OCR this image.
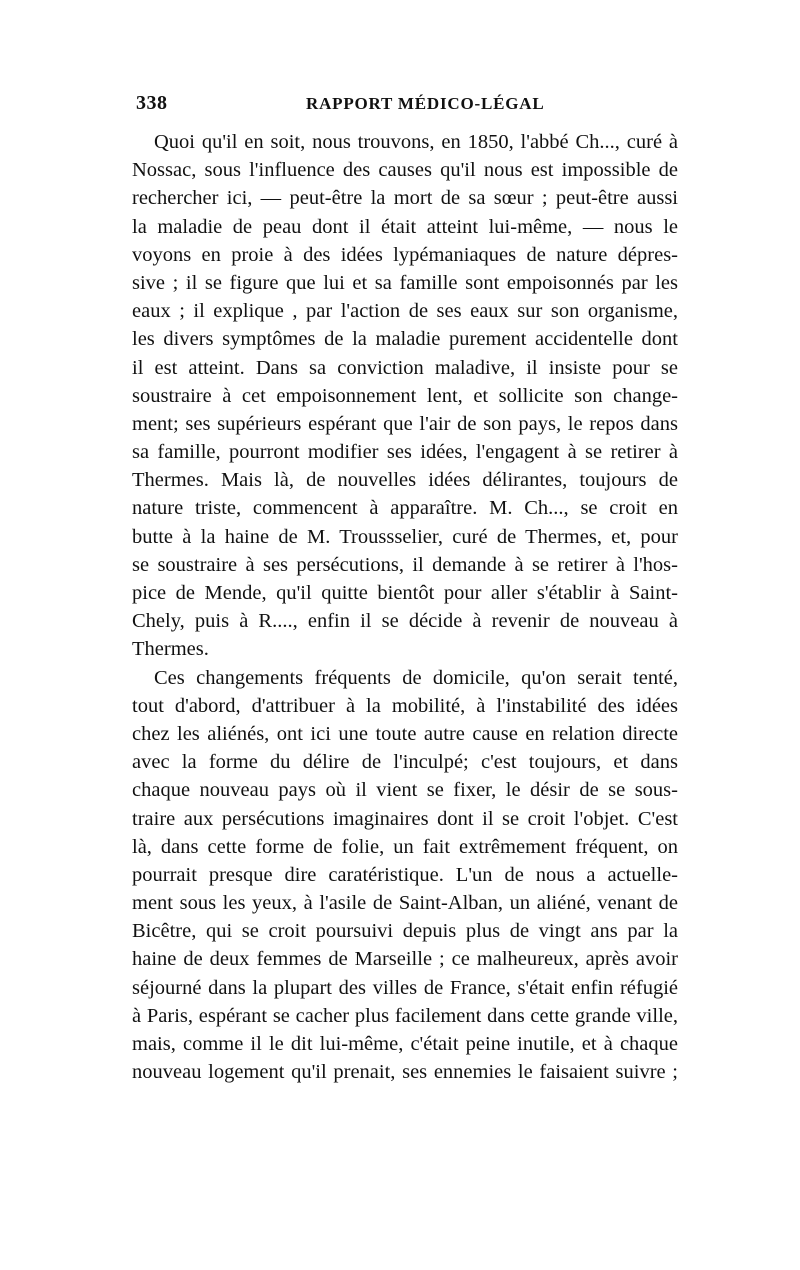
338	RAPPORT MÉDICO-LÉGAL
Quoi qu'il en soit, nous trouvons, en 1850, l'abbé Ch..., curé à
Nossac, sous l'influence des causes qu'il nous est impossible de
rechercher ici, — peut-être la mort de sa sœur ; peut-être aussi
la maladie de peau dont il était atteint lui-même, — nous le
voyons en proie à des idées lypémaniaques de nature dépres-
sive ; il se figure que lui et sa famille sont empoisonnés par les
eaux ; il explique , par l'action de ses eaux sur son organisme,
les divers symptômes de la maladie purement accidentelle dont
il est atteint. Dans sa conviction maladive, il insiste pour se
soustraire à cet empoisonnement lent, et sollicite son change-
ment; ses supérieurs espérant que l'air de son pays, le repos dans
sa famille, pourront modifier ses idées, l'engagent à se retirer à
Thermes. Mais là, de nouvelles idées délirantes, toujours de
nature triste, commencent à apparaître. M. Ch..., se croit en
butte à la haine de M. Troussselier, curé de Thermes, et, pour
se soustraire à ses persécutions, il demande à se retirer à l'hos-
pice de Mende, qu'il quitte bientôt pour aller s'établir à Saint-
Chely, puis à R...., enfin il se décide à revenir de nouveau à
Thermes.
Ces changements fréquents de domicile, qu'on serait tenté,
tout d'abord, d'attribuer à la mobilité, à l'instabilité des idées
chez les aliénés, ont ici une toute autre cause en relation directe
avec la forme du délire de l'inculpé; c'est toujours, et dans
chaque nouveau pays où il vient se fixer, le désir de se sous-
traire aux persécutions imaginaires dont il se croit l'objet. C'est
là, dans cette forme de folie, un fait extrêmement fréquent, on
pourrait presque dire caratéristique. L'un de nous a actuelle-
ment sous les yeux, à l'asile de Saint-Alban, un aliéné, venant de
Bicêtre, qui se croit poursuivi depuis plus de vingt ans par la
haine de deux femmes de Marseille ; ce malheureux, après avoir
séjourné dans la plupart des villes de France, s'était enfin réfugié
à Paris, espérant se cacher plus facilement dans cette grande ville,
mais, comme il le dit lui-même, c'était peine inutile, et à chaque
nouveau logement qu'il prenait, ses ennemies le faisaient suivre ;
